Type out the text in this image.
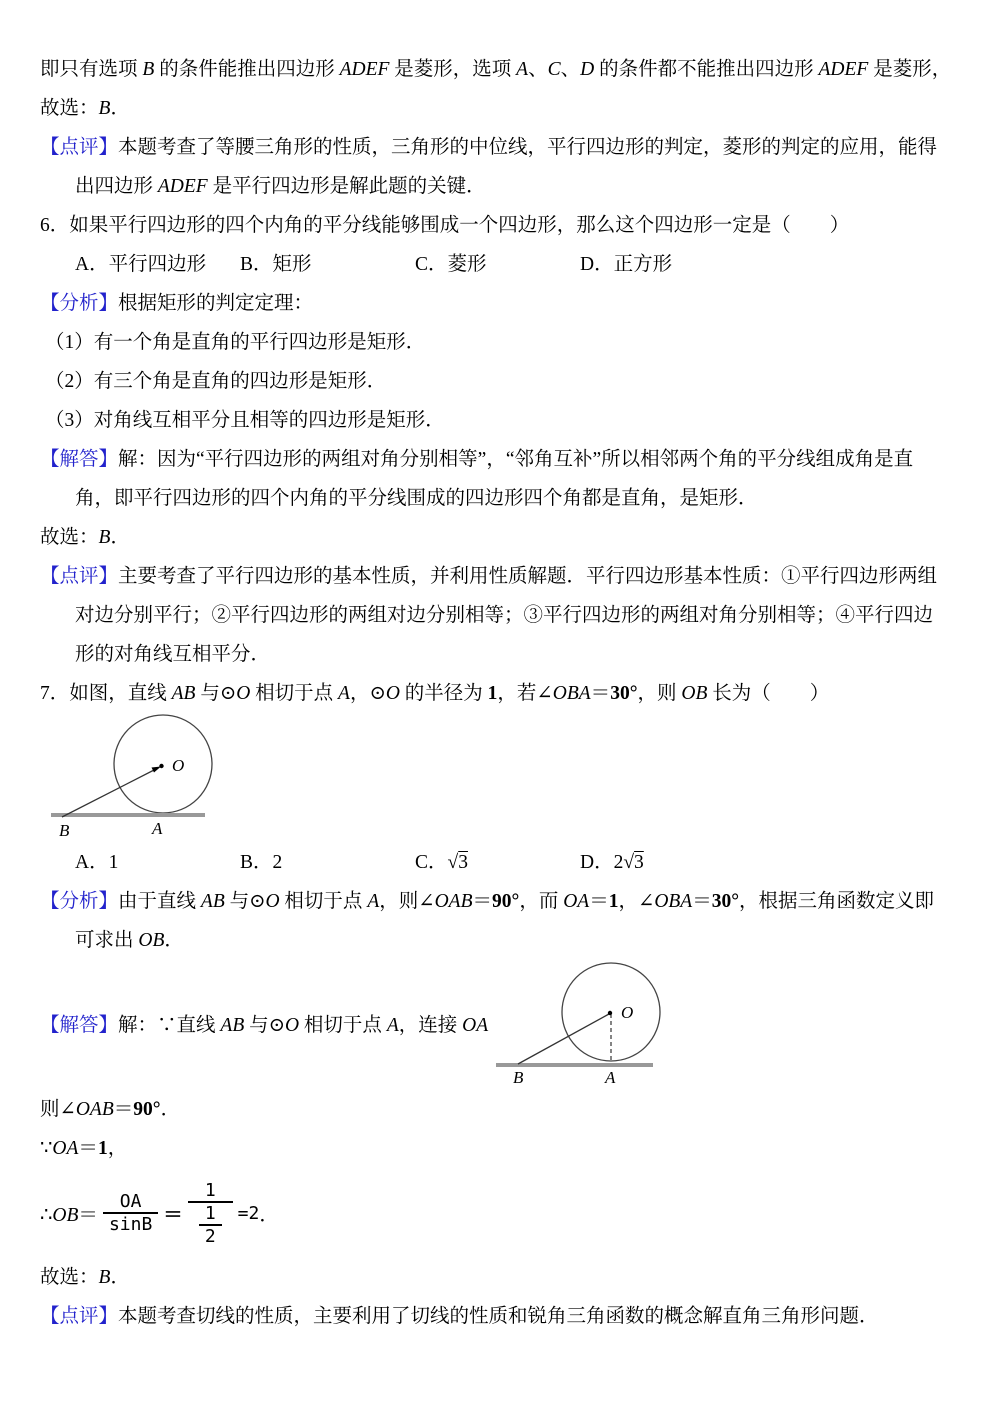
即只有选项 B 的条件能推出四边形 ADEF 是菱形，选项 A、C、D 的条件都不能推出四边形 ADEF 是菱形，
故选：B．
【点评】本题考查了等腰三角形的性质，三角形的中位线，平行四边形的判定，菱形的判定的应用，能得出四边形 ADEF 是平行四边形是解此题的关键．
6．如果平行四边形的四个内角的平分线能够围成一个四边形，那么这个四边形一定是（　　）
A．平行四边形 B．矩形	C．菱形	D．正方形
【分析】根据矩形的判定定理：
（1）有一个角是直角的平行四边形是矩形．
（2）有三个角是直角的四边形是矩形．
（3）对角线互相平分且相等的四边形是矩形．
【解答】解：因为“平行四边形的两组对角分别相等”，“邻角互补”所以相邻两个角的平分线组成角是直角，即平行四边形的四个内角的平分线围成的四边形四个角都是直角，是矩形．
故选：B．
【点评】主要考查了平行四边形的基本性质，并利用性质解题．平行四边形基本性质：①平行四边形两组对边分别平行；②平行四边形的两组对边分别相等；③平行四边形的两组对角分别相等；④平行四边形的对角线互相平分．
7．如图，直线 AB 与⊙O 相切于点 A，⊙O 的半径为 1，若∠OBA＝30°，则 OB 长为（　　）
O
B	A
A．1	B．2	C．√3	D．2√3
【分析】由于直线 AB 与⊙O 相切于点 A，则∠OAB＝90°，而 OA＝1，∠OBA＝30°，根据三角函数定义即可求出 OB．
【解答】解：∵直线 AB 与⊙O 相切于点 A，连接 OA
O
B	A
则∠OAB＝90°．
∵OA＝1，
∴OB＝ $\frac{OA}{\sin B} = \frac{1}{\frac{1}{2}} =2$ ．
故选：B．
【点评】本题考查切线的性质，主要利用了切线的性质和锐角三角函数的概念解直角三角形问题．
